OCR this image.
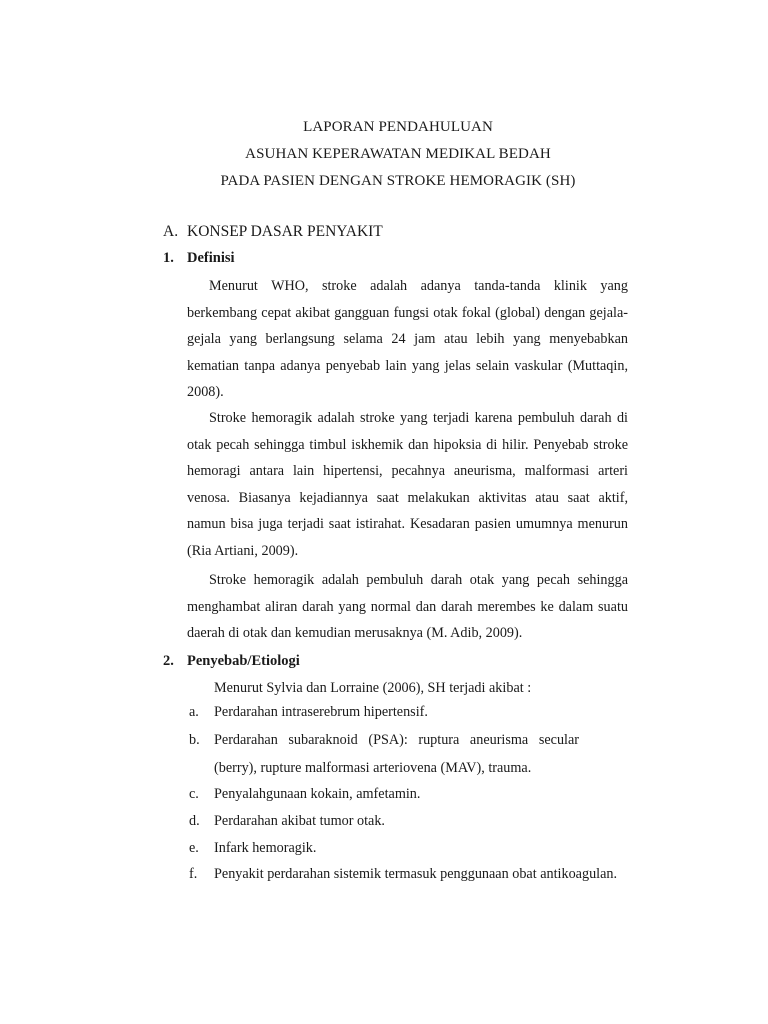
LAPORAN PENDAHULUAN
ASUHAN KEPERAWATAN MEDIKAL BEDAH
PADA PASIEN DENGAN STROKE HEMORAGIK (SH)
A. KONSEP DASAR PENYAKIT
1. Definisi

Menurut WHO, stroke adalah adanya tanda-tanda klinik yang berkembang cepat akibat gangguan fungsi otak fokal (global) dengan gejala-gejala yang berlangsung selama 24 jam atau lebih yang menyebabkan kematian tanpa adanya penyebab lain yang jelas selain vaskular (Muttaqin, 2008).

Stroke hemoragik adalah stroke yang terjadi karena pembuluh darah di otak pecah sehingga timbul iskhemik dan hipoksia di hilir. Penyebab stroke hemoragi antara lain hipertensi, pecahnya aneurisma, malformasi arteri venosa. Biasanya kejadiannya saat melakukan aktivitas atau saat aktif, namun bisa juga terjadi saat istirahat. Kesadaran pasien umumnya menurun (Ria Artiani, 2009).

Stroke hemoragik adalah pembuluh darah otak yang pecah sehingga menghambat aliran darah yang normal dan darah merembes ke dalam suatu daerah di otak dan kemudian merusaknya (M. Adib, 2009).

2. Penyebab/Etiologi
Menurut Sylvia dan Lorraine (2006), SH terjadi akibat :
a.	Perdarahan intraserebrum hipertensif.
b.	Perdarahan subaraknoid (PSA): ruptura aneurisma secular (berry), rupture malformasi arteriovena (MAV), trauma.
c.	Penyalahgunaan kokain, amfetamin.
d.	Perdarahan akibat tumor otak.
e.	Infark hemoragik.
f.	Penyakit perdarahan sistemik termasuk penggunaan obat antikoagulan.
